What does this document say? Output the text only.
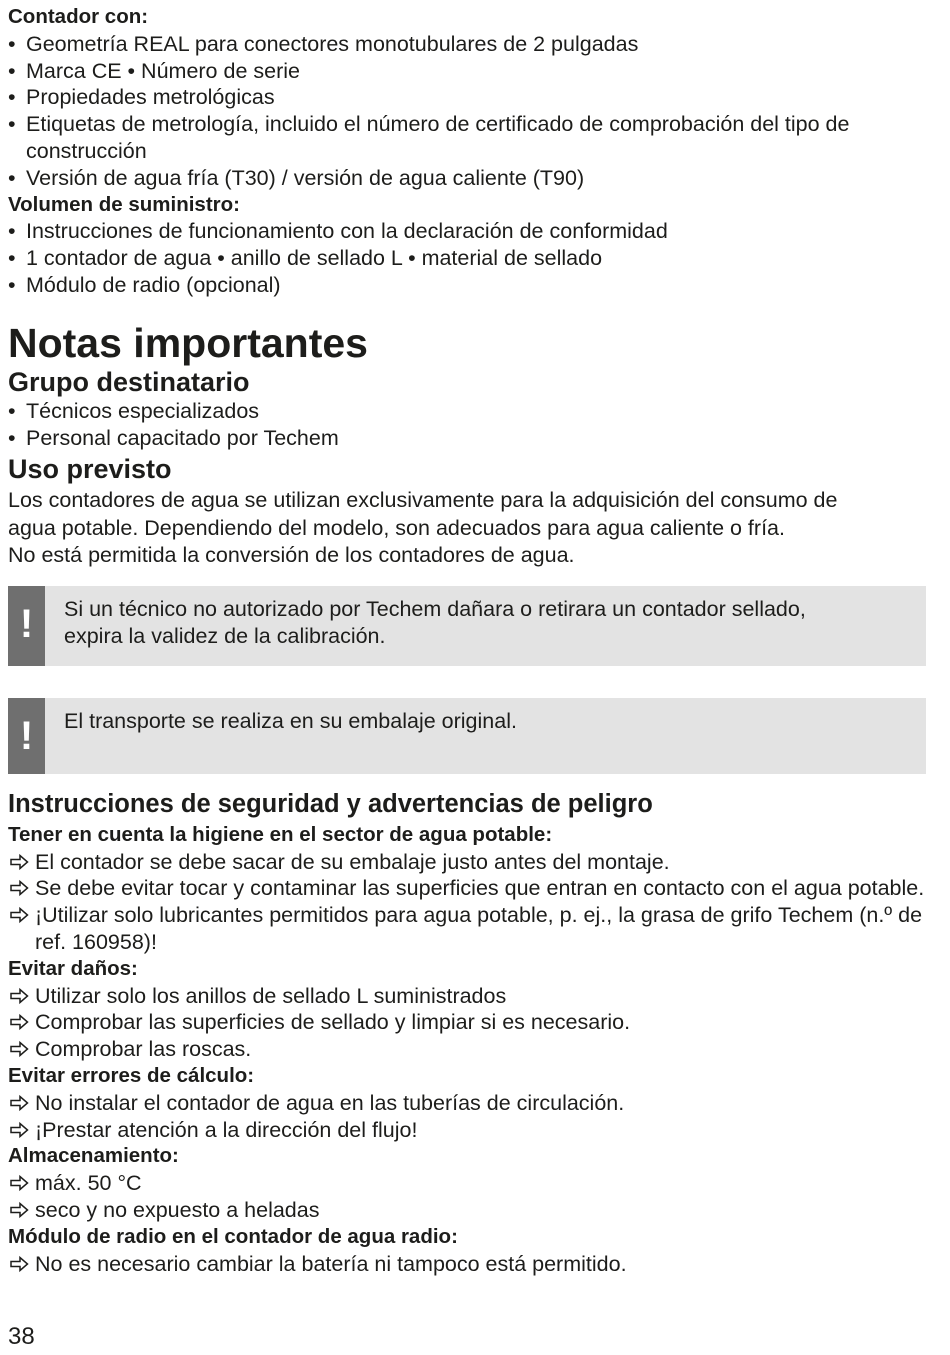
Contador con:
• Geometría REAL para conectores monotubulares de 2 pulgadas
• Marca CE • Número de serie
• Propiedades metrológicas
• Etiquetas de metrología, incluido el número de certificado de comprobación del tipo de construcción
• Versión de agua fría (T30) / versión de agua caliente (T90)
Volumen de suministro:
• Instrucciones de funcionamiento con la declaración de conformidad
• 1 contador de agua • anillo de sellado L • material de sellado
• Módulo de radio (opcional)
Notas importantes
Grupo destinatario
• Técnicos especializados
• Personal capacitado por Techem
Uso previsto
Los contadores de agua se utilizan exclusivamente para la adquisición del consumo de
agua potable. Dependiendo del modelo, son adecuados para agua caliente o fría.
No está permitida la conversión de los contadores de agua.
!	Si un técnico no autorizado por Techem dañara o retirara un contador sellado,
expira la validez de la calibración.
!	El transporte se realiza en su embalaje original.
Instrucciones de seguridad y advertencias de peligro
Tener en cuenta la higiene en el sector de agua potable:
El contador se debe sacar de su embalaje justo antes del montaje.
Se debe evitar tocar y contaminar las superficies que entran en contacto con el agua potable.
¡Utilizar solo lubricantes permitidos para agua potable, p. ej., la grasa de grifo Techem (n.º de ref. 160958)!
Evitar daños:
Utilizar solo los anillos de sellado L suministrados
Comprobar las superficies de sellado y limpiar si es necesario.
Comprobar las roscas.
Evitar errores de cálculo:
No instalar el contador de agua en las tuberías de circulación.
¡Prestar atención a la dirección del flujo!
Almacenamiento:
máx. 50 °C
seco y no expuesto a heladas
Módulo de radio en el contador de agua radio:
No es necesario cambiar la batería ni tampoco está permitido.
38
